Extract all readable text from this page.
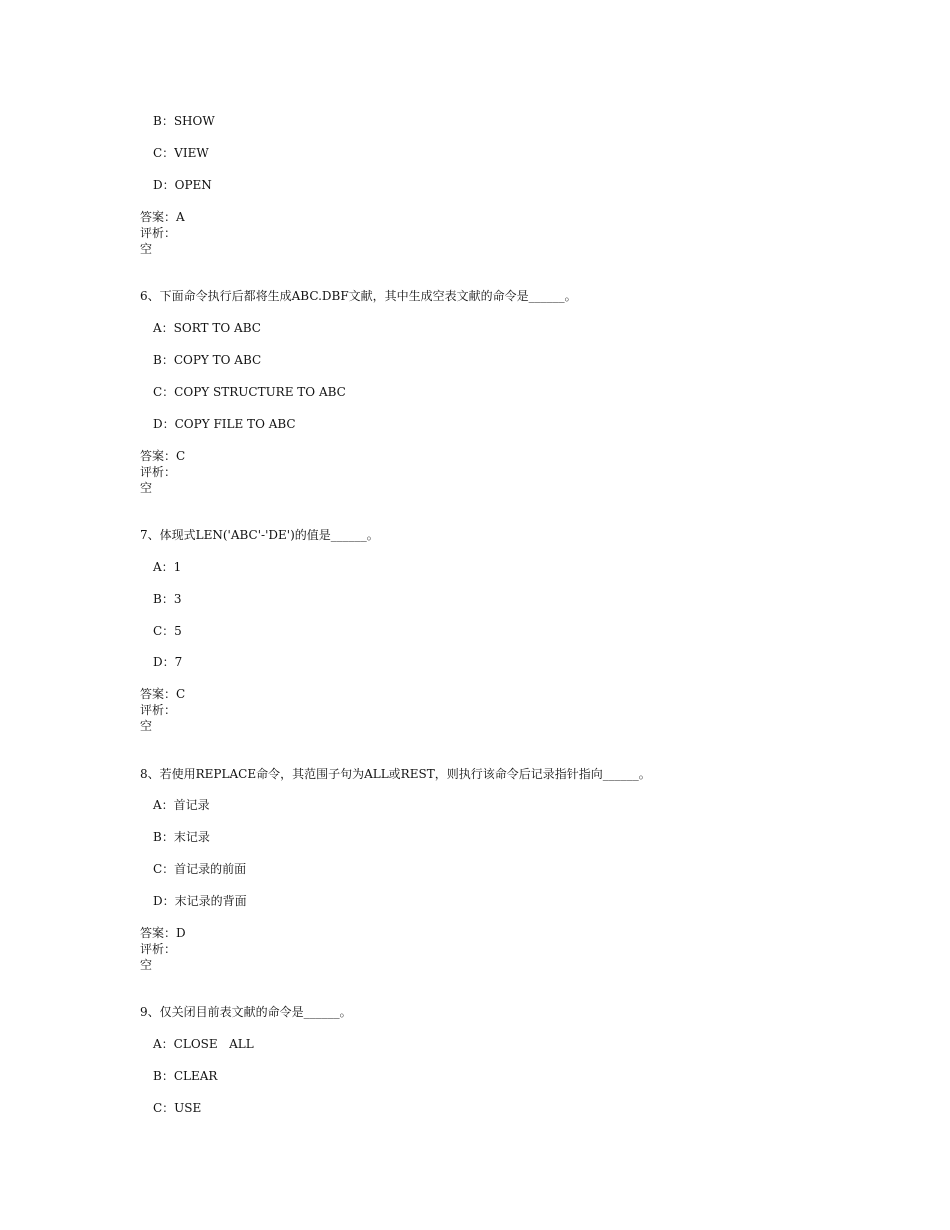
B：SHOW
C：VIEW
D：OPEN
答案：A
评析：
空
6、下面命令执行后都将生成ABC.DBF文献，其中生成空表文献的命令是______。
A：SORT TO ABC
B：COPY TO ABC
C：COPY STRUCTURE TO ABC
D：COPY FILE TO ABC
答案：C
评析：
空
7、体现式LEN('ABC'-'DE')的值是______。
A：1
B：3
C：5
D：7
答案：C
评析：
空
8、若使用REPLACE命令，其范围子句为ALL或REST，则执行该命令后记录指针指向______。
A：首记录
B：末记录
C：首记录的前面
D：末记录的背面
答案：D
评析：
空
9、仅关闭目前表文献的命令是______。
A：CLOSE   ALL
B：CLEAR
C：USE
